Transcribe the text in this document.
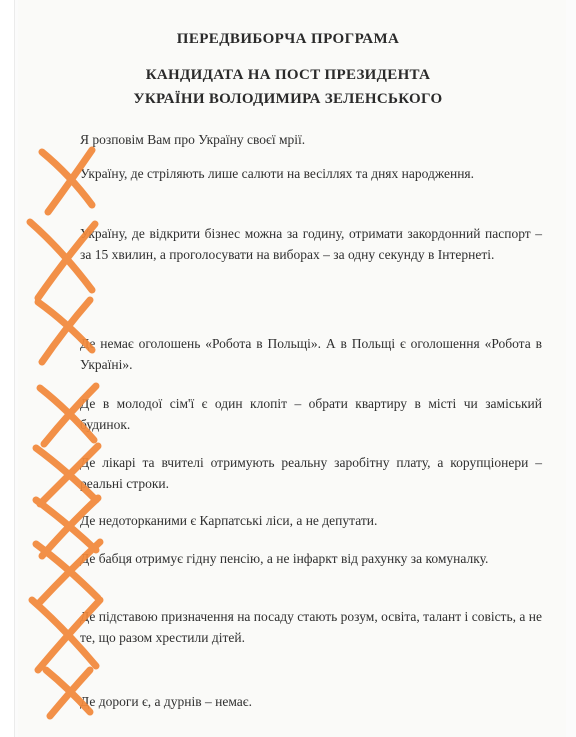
ПЕРЕДВИБОРЧА ПРОГРАМА
КАНДИДАТА НА ПОСТ ПРЕЗИДЕНТА
УКРАЇНИ ВОЛОДИМИРА ЗЕЛЕНСЬКОГО
Я розповім Вам про Україну своєї мрії.
Україну, де стріляють лише салюти на весіллях та днях народження.
Україну, де відкрити бізнес можна за годину, отримати закордонний паспорт – за 15 хвилин, а проголосувати на виборах – за одну секунду в Інтернеті.
Де немає оголошень «Робота в Польщі». А в Польщі є оголошення «Робота в Україні».
Де в молодої сім'ї є один клопіт – обрати квартиру в місті чи заміський будинок.
Де лікарі та вчителі отримують реальну заробітну плату, а корупціонери – реальні строки.
Де недоторканими є Карпатські ліси, а не депутати.
Де бабця отримує гідну пенсію, а не інфаркт від рахунку за комуналку.
Де підставою призначення на посаду стають розум, освіта, талант і совість, а не те, що разом хрестили дітей.
Де дороги є, а дурнів – немає.
